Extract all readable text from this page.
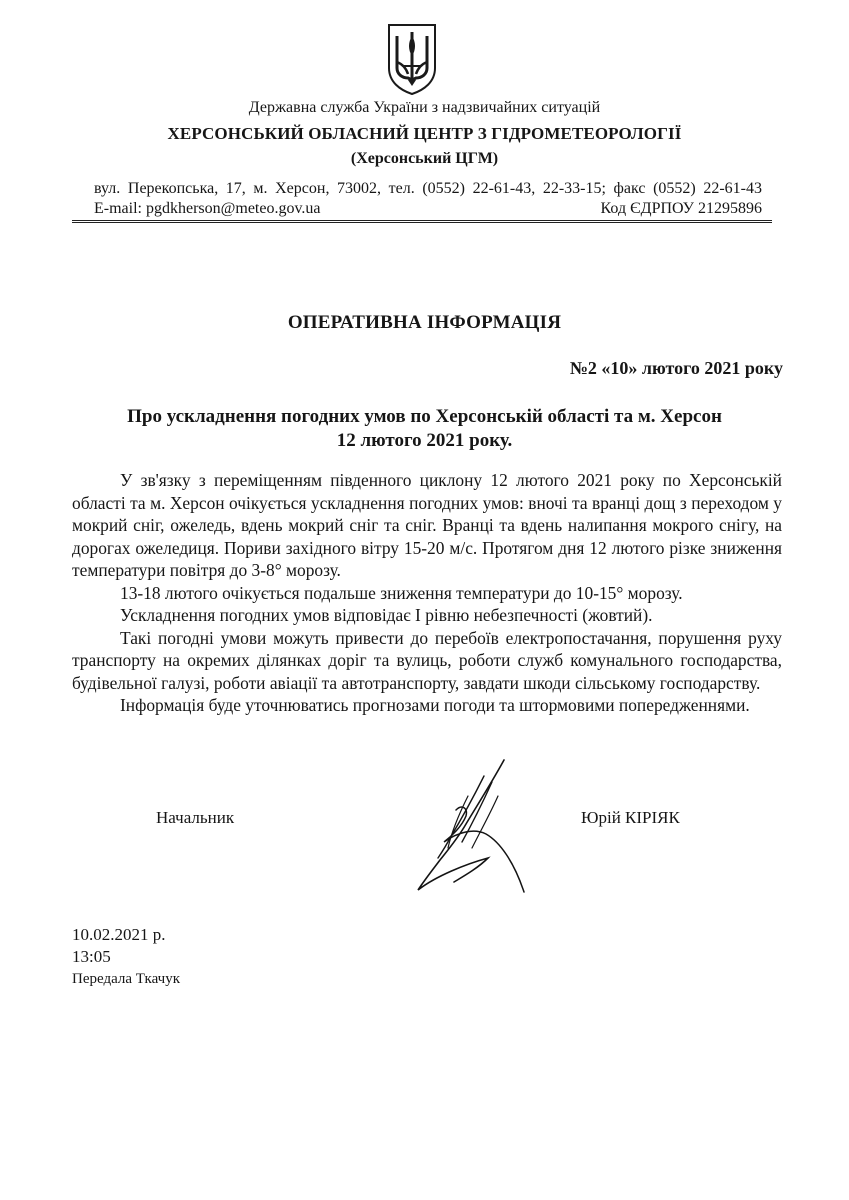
Державна служба України з надзвичайних ситуацій
ХЕРСОНСЬКИЙ ОБЛАСНИЙ ЦЕНТР З ГІДРОМЕТЕОРОЛОГІЇ
(Херсонський ЦГМ)
вул. Перекопська, 17, м. Херсон, 73002, тел. (0552) 22-61-43, 22-33-15; факс (0552) 22-61-43
E-mail: pgdkherson@meteo.gov.ua	Код ЄДРПОУ 21295896
ОПЕРАТИВНА ІНФОРМАЦІЯ
№2 «10» лютого 2021 року
Про ускладнення погодних умов по Херсонській області та м. Херсон
12 лютого 2021 року.

У зв'язку з переміщенням південного циклону 12 лютого 2021 року по Херсонській області та м. Херсон очікується ускладнення погодних умов: вночі та вранці дощ з переходом у мокрий сніг, ожеледь, вдень мокрий сніг та сніг. Вранці та вдень налипання мокрого снігу, на дорогах ожеледиця. Пориви західного вітру 15-20 м/с. Протягом дня 12 лютого різке зниження температури повітря до 3-8° морозу.

13-18 лютого очікується подальше зниження температури до 10-15° морозу.

Ускладнення погодних умов відповідає І рівню небезпечності (жовтий).

Такі погодні умови можуть привести до перебоїв електропостачання, порушення руху транспорту на окремих ділянках доріг та вулиць, роботи служб комунального господарства, будівельної галузі, роботи авіації та автотранспорту, завдати шкоди сільському господарству.

Інформація буде уточнюватись прогнозами погоди та штормовими попередженнями.

Начальник	Юрій КІРІЯК
10.02.2021 р.
13:05
Передала Ткачук
